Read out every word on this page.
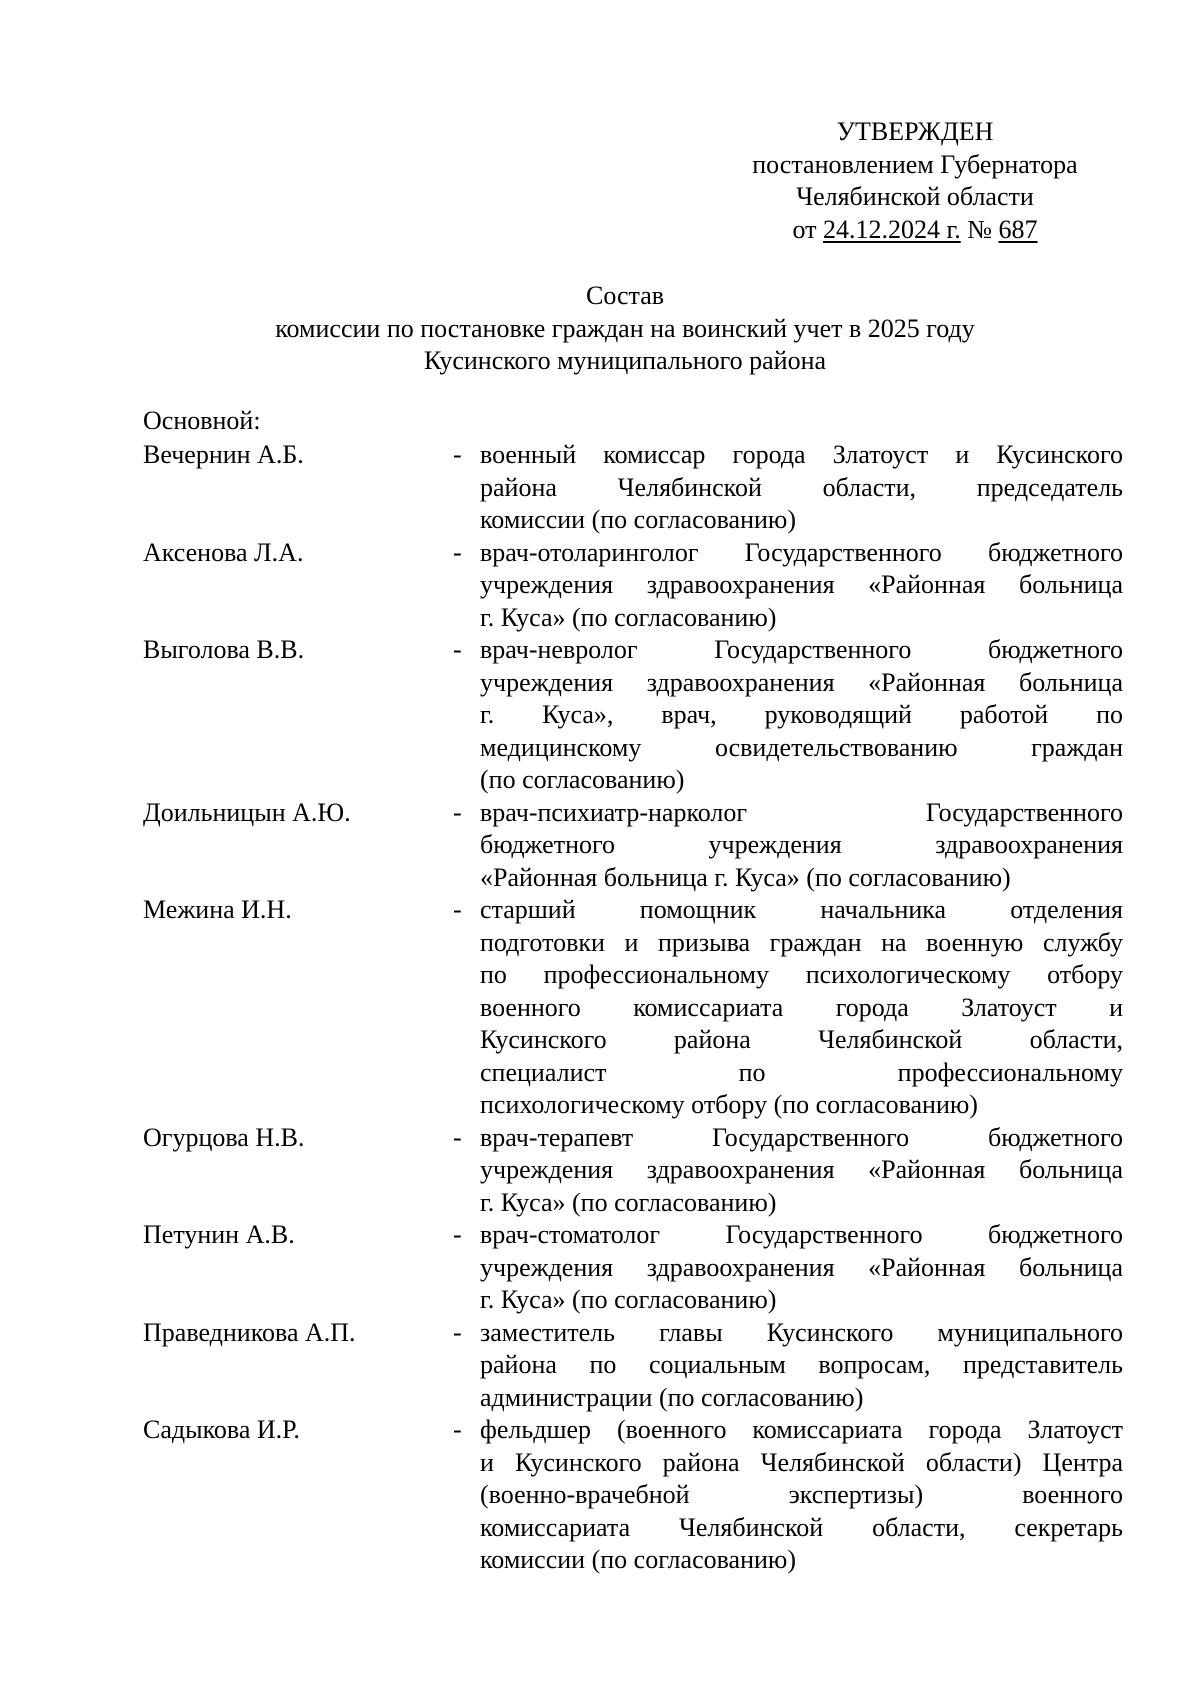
УТВЕРЖДЕН
постановлением Губернатора
Челябинской области
от 24.12.2024 г. № 687
Состав
комиссии по постановке граждан на воинский учет в 2025 году
Кусинского муниципального района
Основной:
Вечернин А.Б.	- военный комиссар города Златоуст и Кусинского
района Челябинской области, председатель
комиссии (по согласованию)
Аксенова Л.А.	- врач-отоларинголог Государственного бюджетного
учреждения здравоохранения «Районная больница
г. Куса» (по согласованию)
Выголова В.В.	- врач-невролог Государственного бюджетного
учреждения здравоохранения «Районная больница
г. Куса», врач, руководящий работой по
медицинскому освидетельствованию граждан
(по согласованию)
Доильницын А.Ю.	- врач-психиатр-нарколог Государственного
бюджетного учреждения здравоохранения
«Районная больница г. Куса» (по согласованию)
Межина И.Н.	- старший помощник начальника отделения
подготовки и призыва граждан на военную службу
по профессиональному психологическому отбору
военного комиссариата города Златоуст и
Кусинского района Челябинской области,
специалист по профессиональному
психологическому отбору (по согласованию)
Огурцова Н.В.	- врач-терапевт Государственного бюджетного
учреждения здравоохранения «Районная больница
г. Куса» (по согласованию)
Петунин А.В.	- врач-стоматолог Государственного бюджетного
учреждения здравоохранения «Районная больница
г. Куса» (по согласованию)
Праведникова А.П.	- заместитель главы Кусинского муниципального
района по социальным вопросам, представитель
администрации (по согласованию)
Садыкова И.Р.	- фельдшер (военного комиссариата города Златоуст
и Кусинского района Челябинской области) Центра
(военно-врачебной экспертизы) военного
комиссариата Челябинской области, секретарь
комиссии (по согласованию)
